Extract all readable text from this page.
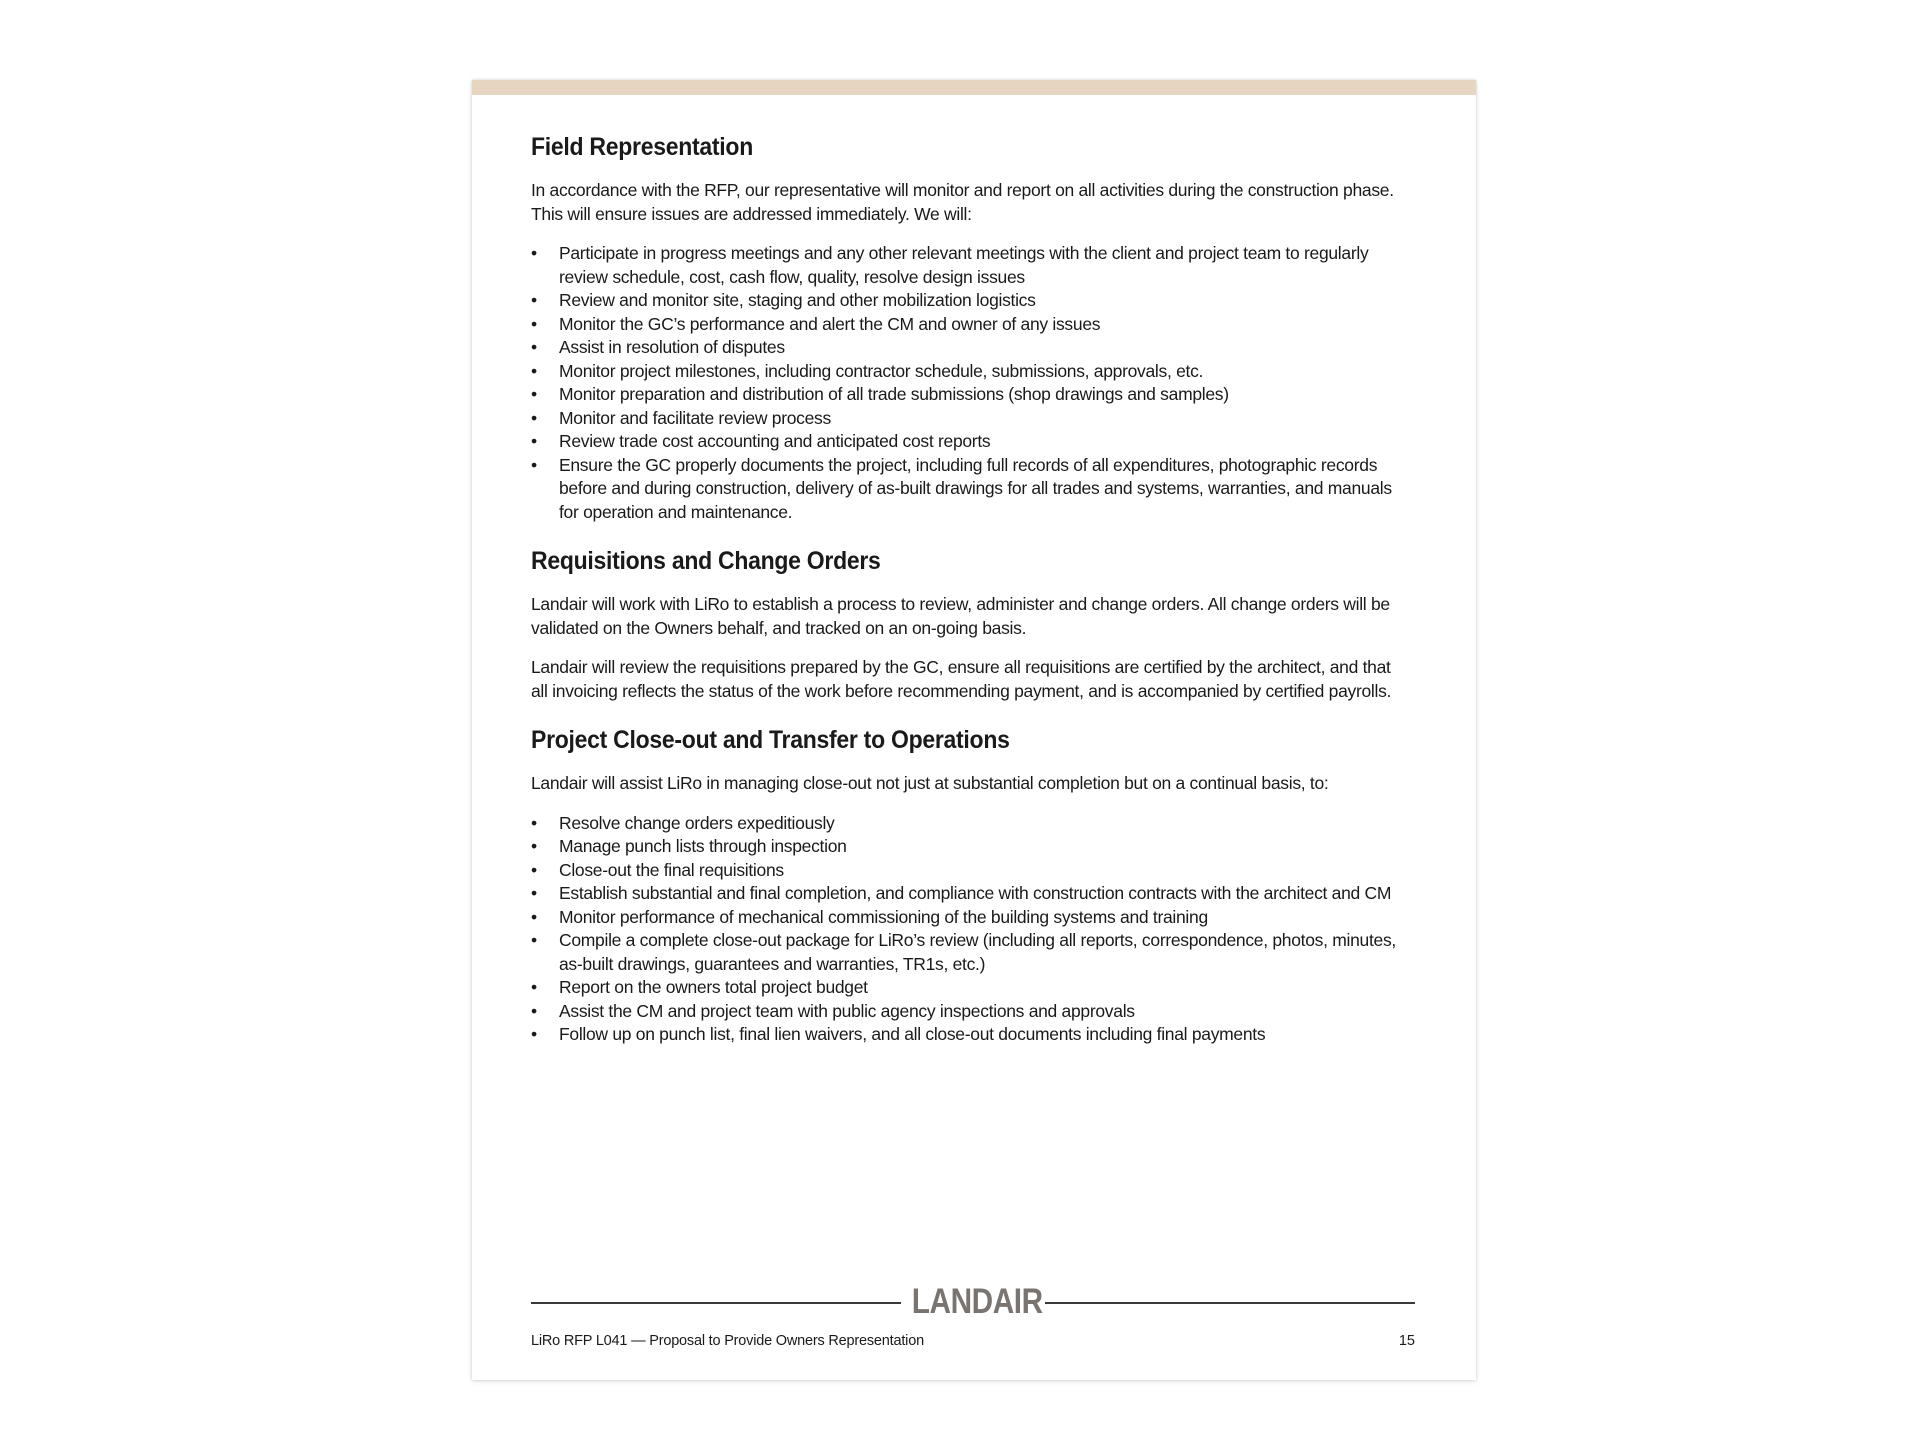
Field Representation

In accordance with the RFP, our representative will monitor and report on all activities during the construction phase. This will ensure issues are addressed immediately. We will:

• Participate in progress meetings and any other relevant meetings with the client and project team to regularly review schedule, cost, cash flow, quality, resolve design issues
• Review and monitor site, staging and other mobilization logistics
• Monitor the GC’s performance and alert the CM and owner of any issues
• Assist in resolution of disputes
• Monitor project milestones, including contractor schedule, submissions, approvals, etc.
• Monitor preparation and distribution of all trade submissions (shop drawings and samples)
• Monitor and facilitate review process
• Review trade cost accounting and anticipated cost reports
• Ensure the GC properly documents the project, including full records of all expenditures, photographic records before and during construction, delivery of as-built drawings for all trades and systems, warranties, and manuals for operation and maintenance.
Requisitions and Change Orders

Landair will work with LiRo to establish a process to review, administer and change orders. All change orders will be validated on the Owners behalf, and tracked on an on-going basis.

Landair will review the requisitions prepared by the GC, ensure all requisitions are certified by the architect, and that all invoicing reflects the status of the work before recommending payment, and is accompanied by certified payrolls.

Project Close-out and Transfer to Operations

Landair will assist LiRo in managing close-out not just at substantial completion but on a continual basis, to:

• Resolve change orders expeditiously
• Manage punch lists through inspection
• Close-out the final requisitions
• Establish substantial and final completion, and compliance with construction contracts with the architect and CM
• Monitor performance of mechanical commissioning of the building systems and training
• Compile a complete close-out package for LiRo’s review (including all reports, correspondence, photos, minutes, as-built drawings, guarantees and warranties, TR1s, etc.)
• Report on the owners total project budget
• Assist the CM and project team with public agency inspections and approvals
• Follow up on punch list, final lien waivers, and all close-out documents including final payments
LANDAIR
LiRo RFP L041 — Proposal to Provide Owners Representation	15
